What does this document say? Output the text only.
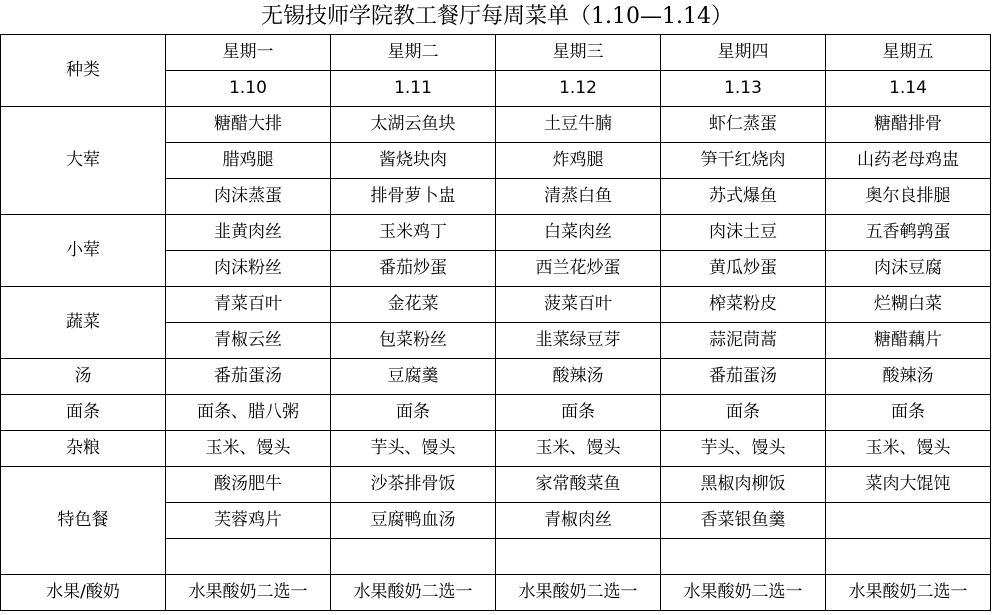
无锡技师学院教工餐厅每周菜单（1.10—1.14）
种类	星期一	星期二	星期三	星期四	星期五
	1.10	1.11	1.12	1.13	1.14
大荤	糖醋大排	太湖云鱼块	土豆牛腩	虾仁蒸蛋	糖醋排骨
	腊鸡腿	酱烧块肉	炸鸡腿	笋干红烧肉	山药老母鸡盅
	肉沫蒸蛋	排骨萝卜盅	清蒸白鱼	苏式爆鱼	奥尔良排腿
小荤	韭黄肉丝	玉米鸡丁	白菜肉丝	肉沫土豆	五香鹌鹑蛋
	肉沫粉丝	番茄炒蛋	西兰花炒蛋	黄瓜炒蛋	肉沫豆腐
蔬菜	青菜百叶	金花菜	菠菜百叶	榨菜粉皮	烂糊白菜
	青椒云丝	包菜粉丝	韭菜绿豆芽	蒜泥茼蒿	糖醋藕片
汤	番茄蛋汤	豆腐羹	酸辣汤	番茄蛋汤	酸辣汤
面条	面条、腊八粥	面条	面条	面条	面条
杂粮	玉米、馒头	芋头、馒头	玉米、馒头	芋头、馒头	玉米、馒头
特色餐	酸汤肥牛	沙茶排骨饭	家常酸菜鱼	黑椒肉柳饭	菜肉大馄饨
	芙蓉鸡片	豆腐鸭血汤	青椒肉丝	香菜银鱼羹	

水果/酸奶	水果酸奶二选一	水果酸奶二选一	水果酸奶二选一	水果酸奶二选一	水果酸奶二选一
